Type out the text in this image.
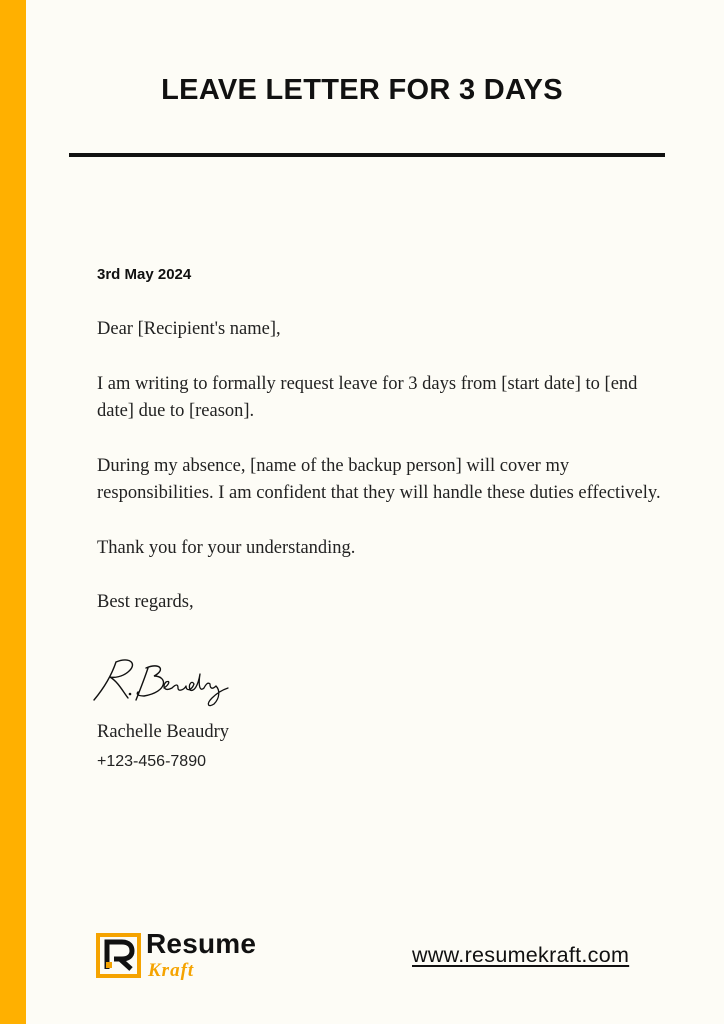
LEAVE LETTER FOR 3 DAYS
3rd May 2024

Dear [Recipient's name],

I am writing to formally request leave for 3 days from [start date] to [end date] due to [reason].

During my absence, [name of the backup person] will cover my responsibilities. I am confident that they will handle these duties effectively.

Thank you for your understanding.

Best regards,

Rachelle Beaudry
+123-456-7890
Resume
Kraft
www.resumekraft.com
